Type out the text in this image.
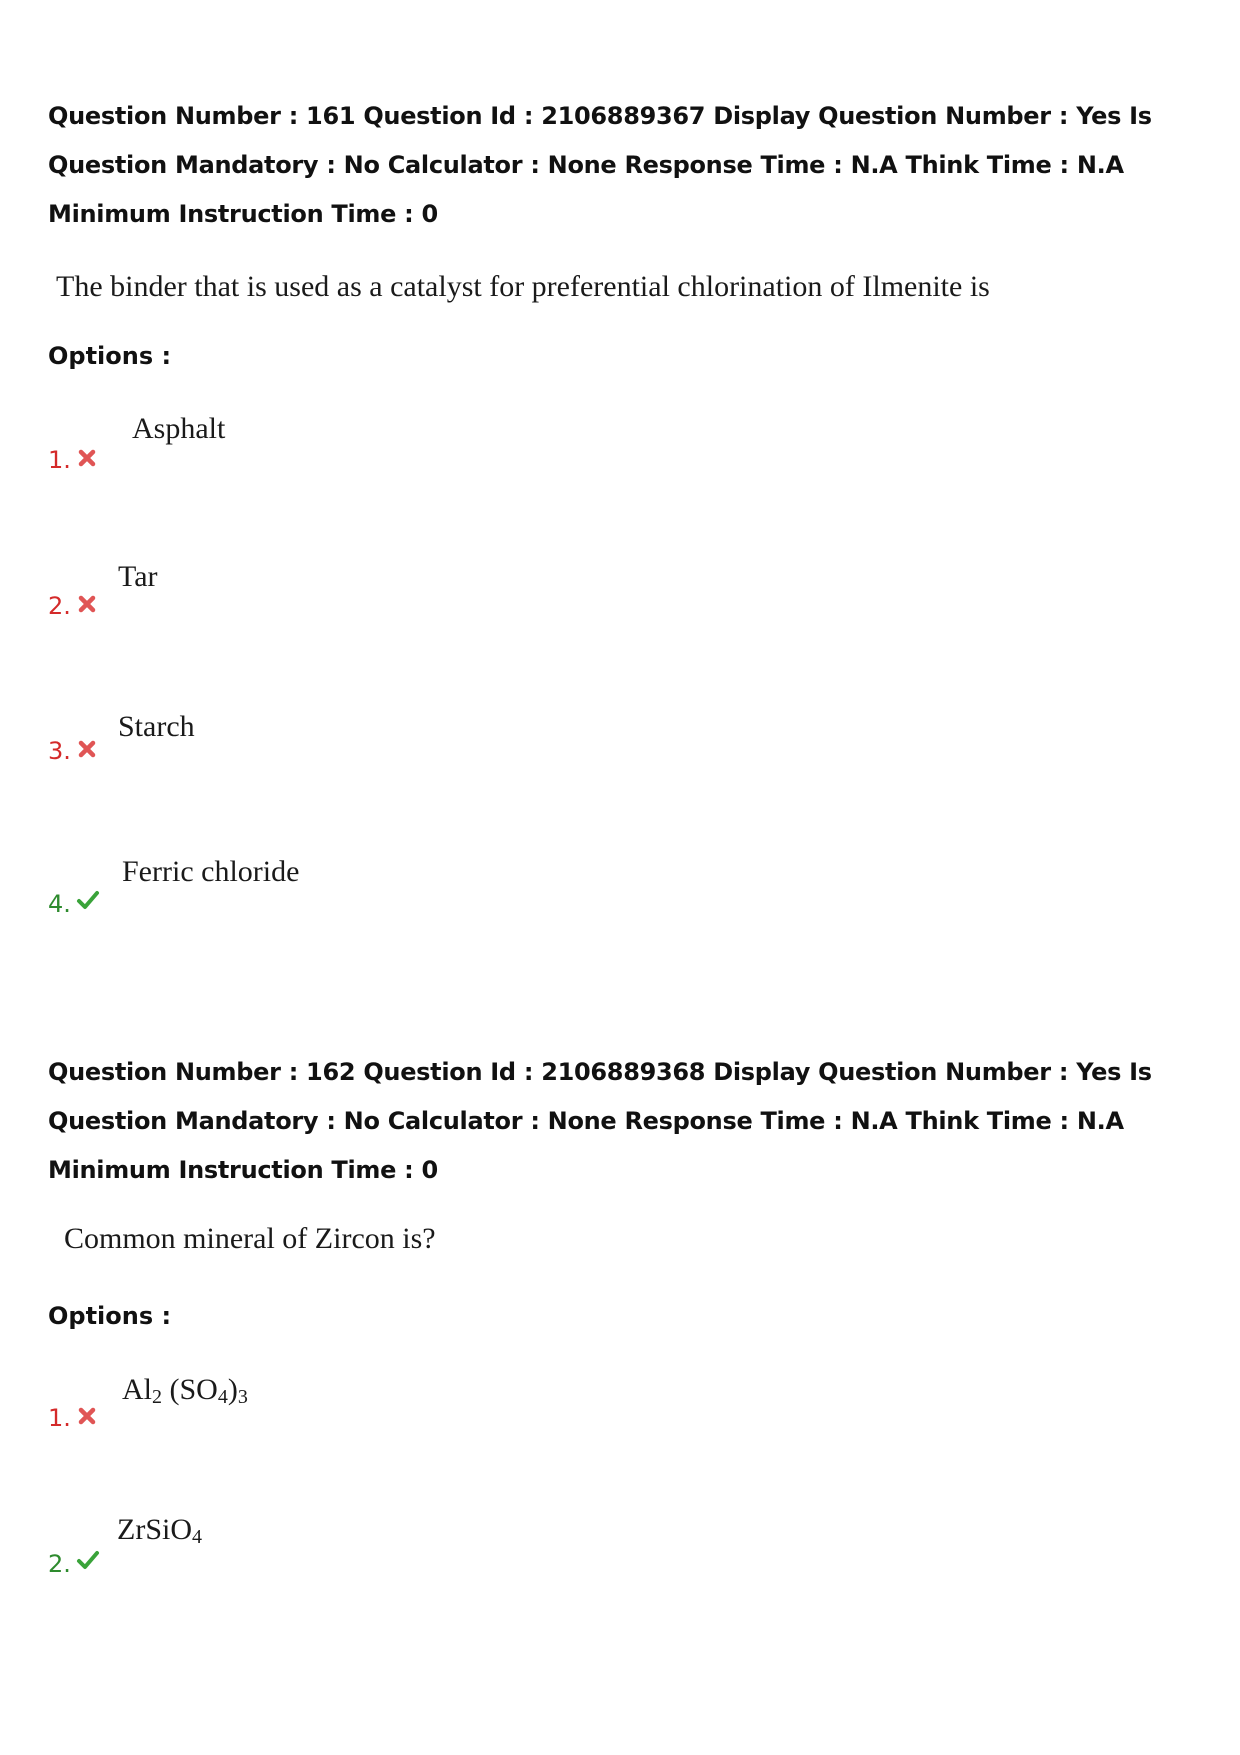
Question Number : 161 Question Id : 2106889367 Display Question Number : Yes Is Question Mandatory : No Calculator : None Response Time : N.A Think Time : N.A Minimum Instruction Time : 0

The binder that is used as a catalyst for preferential chlorination of Ilmenite is
Options :
1.
Asphalt
2.
Tar
3.
Starch
4.
Ferric chloride

Question Number : 162 Question Id : 2106889368 Display Question Number : Yes Is Question Mandatory : No Calculator : None Response Time : N.A Think Time : N.A Minimum Instruction Time : 0

Common mineral of Zircon is?
Options :
1.
$Al_2$ $(SO_4)_3$
2.
ZrSiO$_4$
